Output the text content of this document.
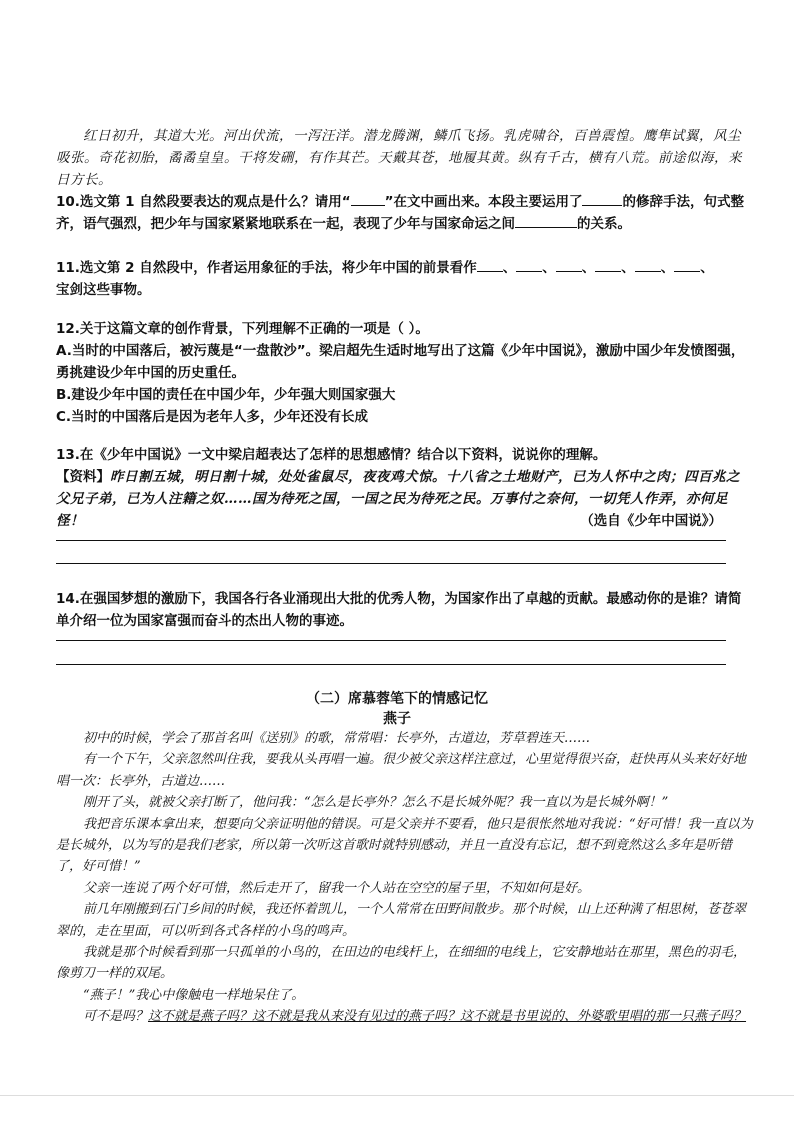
红日初升，其道大光。河出伏流，一泻汪洋。潜龙腾渊，鳞爪飞扬。乳虎啸谷，百兽震惶。鹰隼试翼，风尘吸张。奇花初胎，矞矞皇皇。干将发硎，有作其芒。天戴其苍，地履其黄。纵有千古，横有八荒。前途似海，来日方长。
10.选文第 1 自然段要表达的观点是什么？请用“	”在文中画出来。本段主要运用了	的修辞手法，句式整齐，语气强烈，把少年与国家紧紧地联系在一起，表现了少年与国家命运之间	的关系。
11.选文第 2 自然段中，作者运用象征的手法，将少年中国的前景看作 、 、 、 、 、 、
宝剑这些事物。
12.关于这篇文章的创作背景，下列理解不正确的一项是（ ）。
A.当时的中国落后，被污蔑是“一盘散沙”。梁启超先生适时地写出了这篇《少年中国说》，激励中国少年发愤图强，勇挑建设少年中国的历史重任。
B.建设少年中国的责任在中国少年，少年强大则国家强大
C.当时的中国落后是因为老年人多，少年还没有长成
13.在《少年中国说》一文中梁启超表达了怎样的思想感情？结合以下资料，说说你的理解。
【资料】昨日割五城，明日割十城，处处雀鼠尽，夜夜鸡犬惊。十八省之土地财产，已为人怀中之肉；四百兆之父兄子弟，已为人注籍之奴……国为待死之国，一国之民为待死之民。万事付之奈何，一切凭人作弄，亦何足怪！	（选自《少年中国说》）
14.在强国梦想的激励下，我国各行各业涌现出大批的优秀人物，为国家作出了卓越的贡献。最感动你的是谁？请简单介绍一位为国家富强而奋斗的杰出人物的事迹。
（二）席慕蓉笔下的情感记忆
燕子

初中的时候，学会了那首名叫《送别》的歌，常常唱：长亭外，古道边，芳草碧连天……

有一个下午，父亲忽然叫住我，要我从头再唱一遍。很少被父亲这样注意过，心里觉得很兴奋，赶快再从头来好好地唱一次：长亭外，古道边……

刚开了头，就被父亲打断了，他问我：“怎么是长亭外？怎么不是长城外呢？我一直以为是长城外啊！”

我把音乐课本拿出来，想要向父亲证明他的错误。可是父亲并不要看，他只是很怅然地对我说：“好可惜！我一直以为是长城外，以为写的是我们老家，所以第一次听这首歌时就特别感动，并且一直没有忘记，想不到竟然这么多年是听错了，好可惜！”

父亲一连说了两个好可惜，然后走开了，留我一个人站在空空的屋子里，不知如何是好。

前几年刚搬到石门乡间的时候，我还怀着凯儿，一个人常常在田野间散步。那个时候，山上还种满了相思树，苍苍翠翠的，走在里面，可以听到各式各样的小鸟的鸣声。

我就是那个时候看到那一只孤单的小鸟的，在田边的电线杆上，在细细的电线上，它安静地站在那里，黑色的羽毛，像剪刀一样的双尾。

“燕子！”我心中像触电一样地呆住了。

可不是吗？这不就是燕子吗？这不就是我从来没有见过的燕子吗？这不就是书里说的、外婆歌里唱的那一只燕子吗？
